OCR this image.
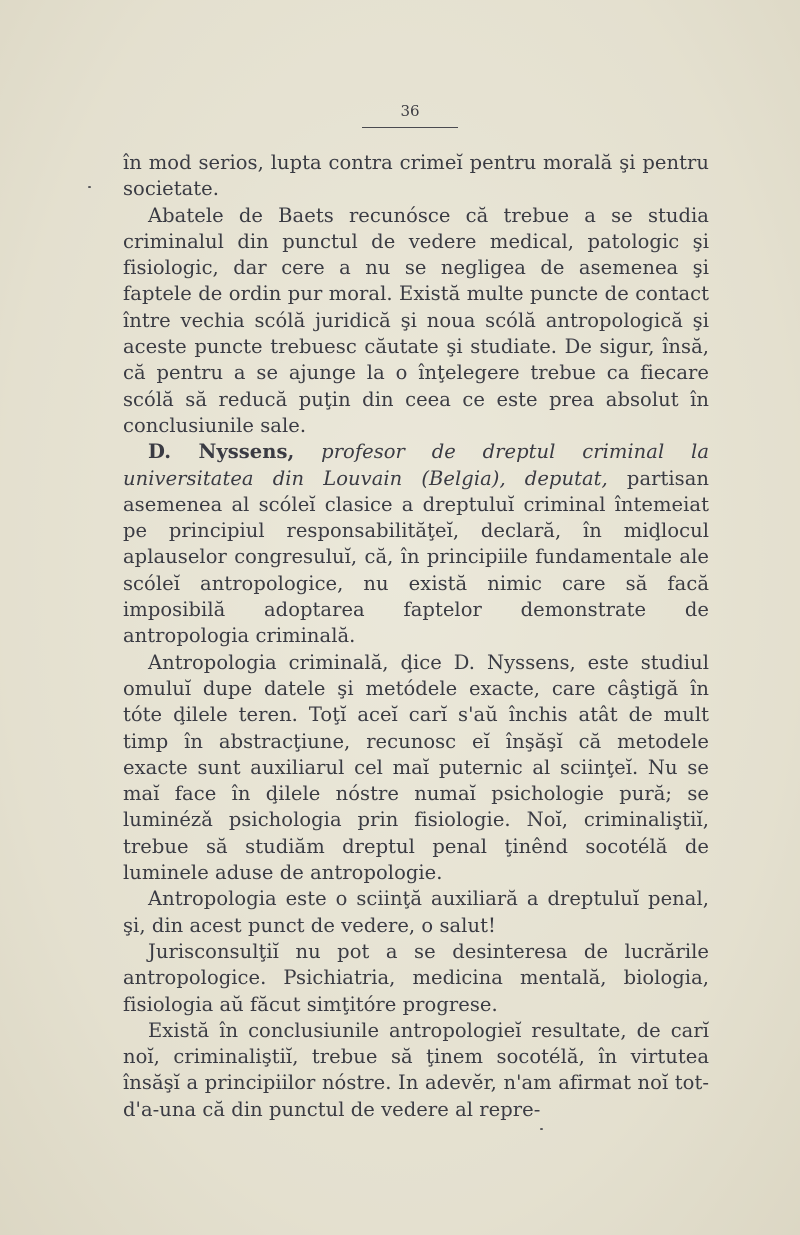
36

în mod serios, lupta contra crimeĭ pentru morală şi pentru societate.

Abatele de Baets recunósce că trebue a se studia criminalul din punctul de vedere medical, patologic şi fisiologic, dar cere a nu se negligea de asemenea şi faptele de ordin pur moral. Există multe puncte de contact între vechia scólă juridică şi noua scólă antropologică şi aceste puncte trebuesc căutate şi studiate. De sigur, însă, că pentru a se ajunge la o înţelegere trebue ca fiecare scólă să reducă puţin din ceea ce este prea absolut în conclusiunile sale.

D. Nyssens, profesor de dreptul criminal la universitatea din Louvain (Belgia), deputat, partisan asemenea al scóleĭ clasice a dreptuluĭ criminal întemeiat pe principiul responsabilităţeĭ, declară, în miḑlocul aplauselor congresuluĭ, că, în principiile fundamentale ale scóleĭ antropologice, nu există nimic care să facă imposibilă adoptarea faptelor demonstrate de antropologia criminală.

Antropologia criminală, ḑice D. Nyssens, este studiul omuluĭ dupe datele şi metódele exacte, care câştigă în tóte ḑilele teren. Toţĭ aceĭ carĭ s'aŭ închis atât de mult timp în abstracţiune, recunosc eĭ înşăşĭ că metodele exacte sunt auxiliarul cel maĭ puternic al sciinţeĭ. Nu se maĭ face în ḑilele nóstre numaĭ psichologie pură; se luminézǎ psichologia prin fisiologie. Noĭ, criminaliştiĭ, trebue să studiăm dreptul penal ţinênd socotélă de luminele aduse de antropologie.

Antropologia este o sciinţă auxiliară a dreptuluĭ penal, şi, din acest punct de vedere, o salut!

Jurisconsulţiĭ nu pot a se desinteresa de lucrările antropologice. Psichiatria, medicina mentală, biologia, fisiologia aŭ făcut simţitóre progrese.

Există în conclusiunile antropologieĭ resultate, de carĭ noĭ, criminaliştiĭ, trebue să ţinem socotélă, în virtutea însăşĭ a principiilor nóstre. In adevĕr, n'am afirmat noĭ tot-d'a-una că din punctul de vedere al repre-
